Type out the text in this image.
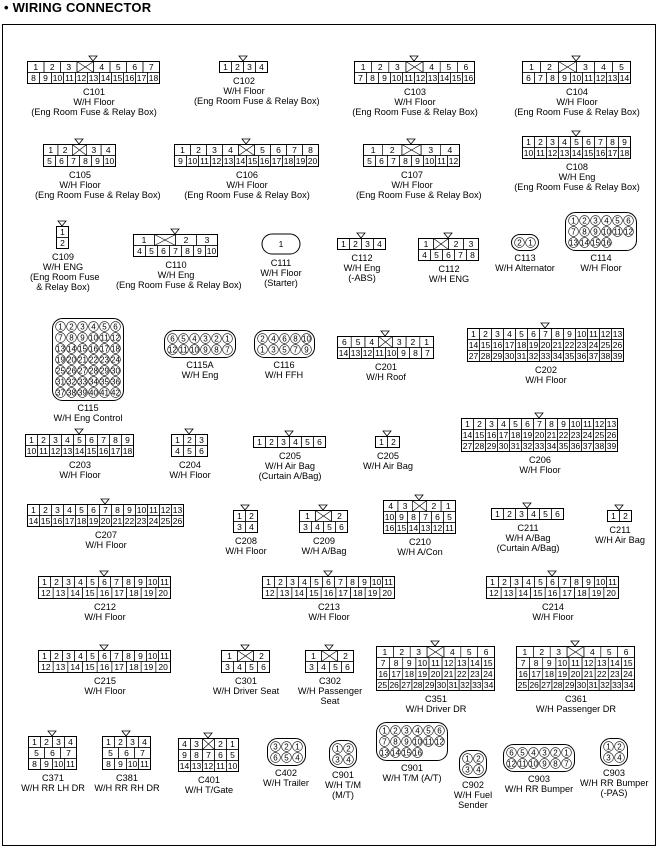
• WIRING CONNECTOR
1 2 3	4 5 6 7
8 9 10 11 12 13 14 15 16 17 18
C101
W/H Floor
(Eng Room Fuse & Relay Box)
1 2 3 4
C102
W/H Floor
(Eng Room Fuse & Relay Box)
1 2 3	4 5 6
7 8 9 10 11 12 13 14 15 16
C103
W/H Floor
(Eng Room Fuse & Relay Box)
1 2	3 4 5
6 7 8 9 10 11 12 13 14
C104
W/H Floor
(Eng Room Fuse & Relay Box)
1 2	3 4
5 6 7 8 9 10
C105
W/H Floor
(Eng Room Fuse & Relay Box)
1 2 3 4	5 6 7 8
9 10 11 12 13 14 15 16 17 18 19 20
C106
W/H Floor
(Eng Room Fuse & Relay Box)
1 2	3 4
5 6 7 8 9 10 11 12
C107
W/H Floor
(Eng Room Fuse & Relay Box)
1 2 3 4 5 6 7 8 9
10 11 12 13 14 15 16 17 18
C108
W/H Eng
(Eng Room Fuse & Relay Box)
1
2
C109
W/H ENG
(Eng Room Fuse
& Relay Box)
1	2 3
4 5 6 7 8 9 10
C110
W/H Eng
(Eng Room Fuse & Relay Box)
1
C111
W/H Floor
(Starter)
1 2 3 4
C112
W/H Eng
(-ABS)
1	2 3
4 5 6 7 8
C112
W/H ENG
2 1
C113
W/H Alternator
1 2 3 4 5 6
7 8 9 10 11 12
13 14 15 16
C114
W/H Floor
1 2 3 4 5 6
7 8 9 10 11 12
13 14 15 16 17 18
19 20 21 22 23 24
25 26 27 28 29 30
31 32 33 34 35 36
37 38 39 40 41 42
C115
W/H Eng Control
6 5 4 3 2 1
12 11 10 9 8 7
C115A
W/H Eng
2 4 6 8 10
1 3 5 7 9
C116
W/H FFH
6 5 4	3 2 1
14 13 12 11 10 9 8 7
C201
W/H Roof
1 2 3 4 5 6 7 8 9 10 11 12 13
14 15 16 17 18 19 20 21 22 23 24 25 26
27 28 29 30 31 32 33 34 35 36 37 38 39
C202
W/H Floor
1 2 3 4 5 6 7 8 9
10 11 12 13 14 15 16 17 18
C203
W/H Floor
1 2 3
4 5 6
C204
W/H Floor
1 2 3 4 5 6
C205
W/H Air Bag
(Curtain A/Bag)
1 2
C205
W/H Air Bag
1 2 3 4 5 6 7 8 9 10 11 12 13
14 15 16 17 18 19 20 21 22 23 24 25 26
27 28 29 30 31 32 33 34 35 36 37 38 39
C206
W/H Floor
1 2 3 4 5 6 7 8 9 10 11 12 13
14 15 16 17 18 19 20 21 22 23 24 25 26
C207
W/H Floor
1 2
3 4
C208
W/H Floor
1	2
3 4 5 6
C209
W/H A/Bag
4 3	2 1
10 9 8 7 6 5
16 15 14 13 12 11
C210
W/H A/Con
1 2 3 4 5 6
C211
W/H A/Bag
(Curtain A/Bag)
1 2
C211
W/H Air Bag
1 2 3 4 5 6 7 8 9 10 11
12 13 14 15 16 17 18 19 20
C212
W/H Floor
1 2 3 4 5 6 7 8 9 10 11
12 13 14 15 16 17 18 19 20
C213
W/H Floor
1 2 3 4 5 6 7 8 9 10 11
12 13 14 15 16 17 18 19 20
C214
W/H Floor
1 2 3 4 5 6 7 8 9 10 11
12 13 14 15 16 17 18 19 20
C215
W/H Floor
1	2
3 4 5 6
C301
W/H Driver Seat
1	2
3 4 5 6
C302
W/H Passenger
Seat
1 2 3	4 5 6
7 8 9 10 11 12 13 14 15
16 17 18 19 20 21 22 23 24
25 26 27 28 29 30 31 32 33 34
C351
W/H Driver DR
1 2 3	4 5 6
7 8 9 10 11 12 13 14 15
16 17 18 19 20 21 22 23 24
25 26 27 28 29 30 31 32 33 34
C361
W/H Passenger DR
1 2 3 4
5 6 7
8 9 10 11
C371
W/H RR LH DR
1 2 3 4
5 6 7
8 9 10 11
C381
W/H RR RH DR
4 3 2 1
9 8 7 6 5
14 13 12 11 10
C401
W/H T/Gate
3 2 1
6 5 4
C402
W/H Trailer
1 2
3 4
C901
W/H T/M
(M/T)
1 2 3 4 5 6
7 8 9 10 11 12
13 14 15 16
C901
W/H T/M (A/T)
1 2
3 4
C902
W/H Fuel
Sender
6 5 4 3 2 1
12 11 10 9 8 7
C903
W/H RR Bumper
1 2
3 4
C903
W/H RR Bumper
(-PAS)
